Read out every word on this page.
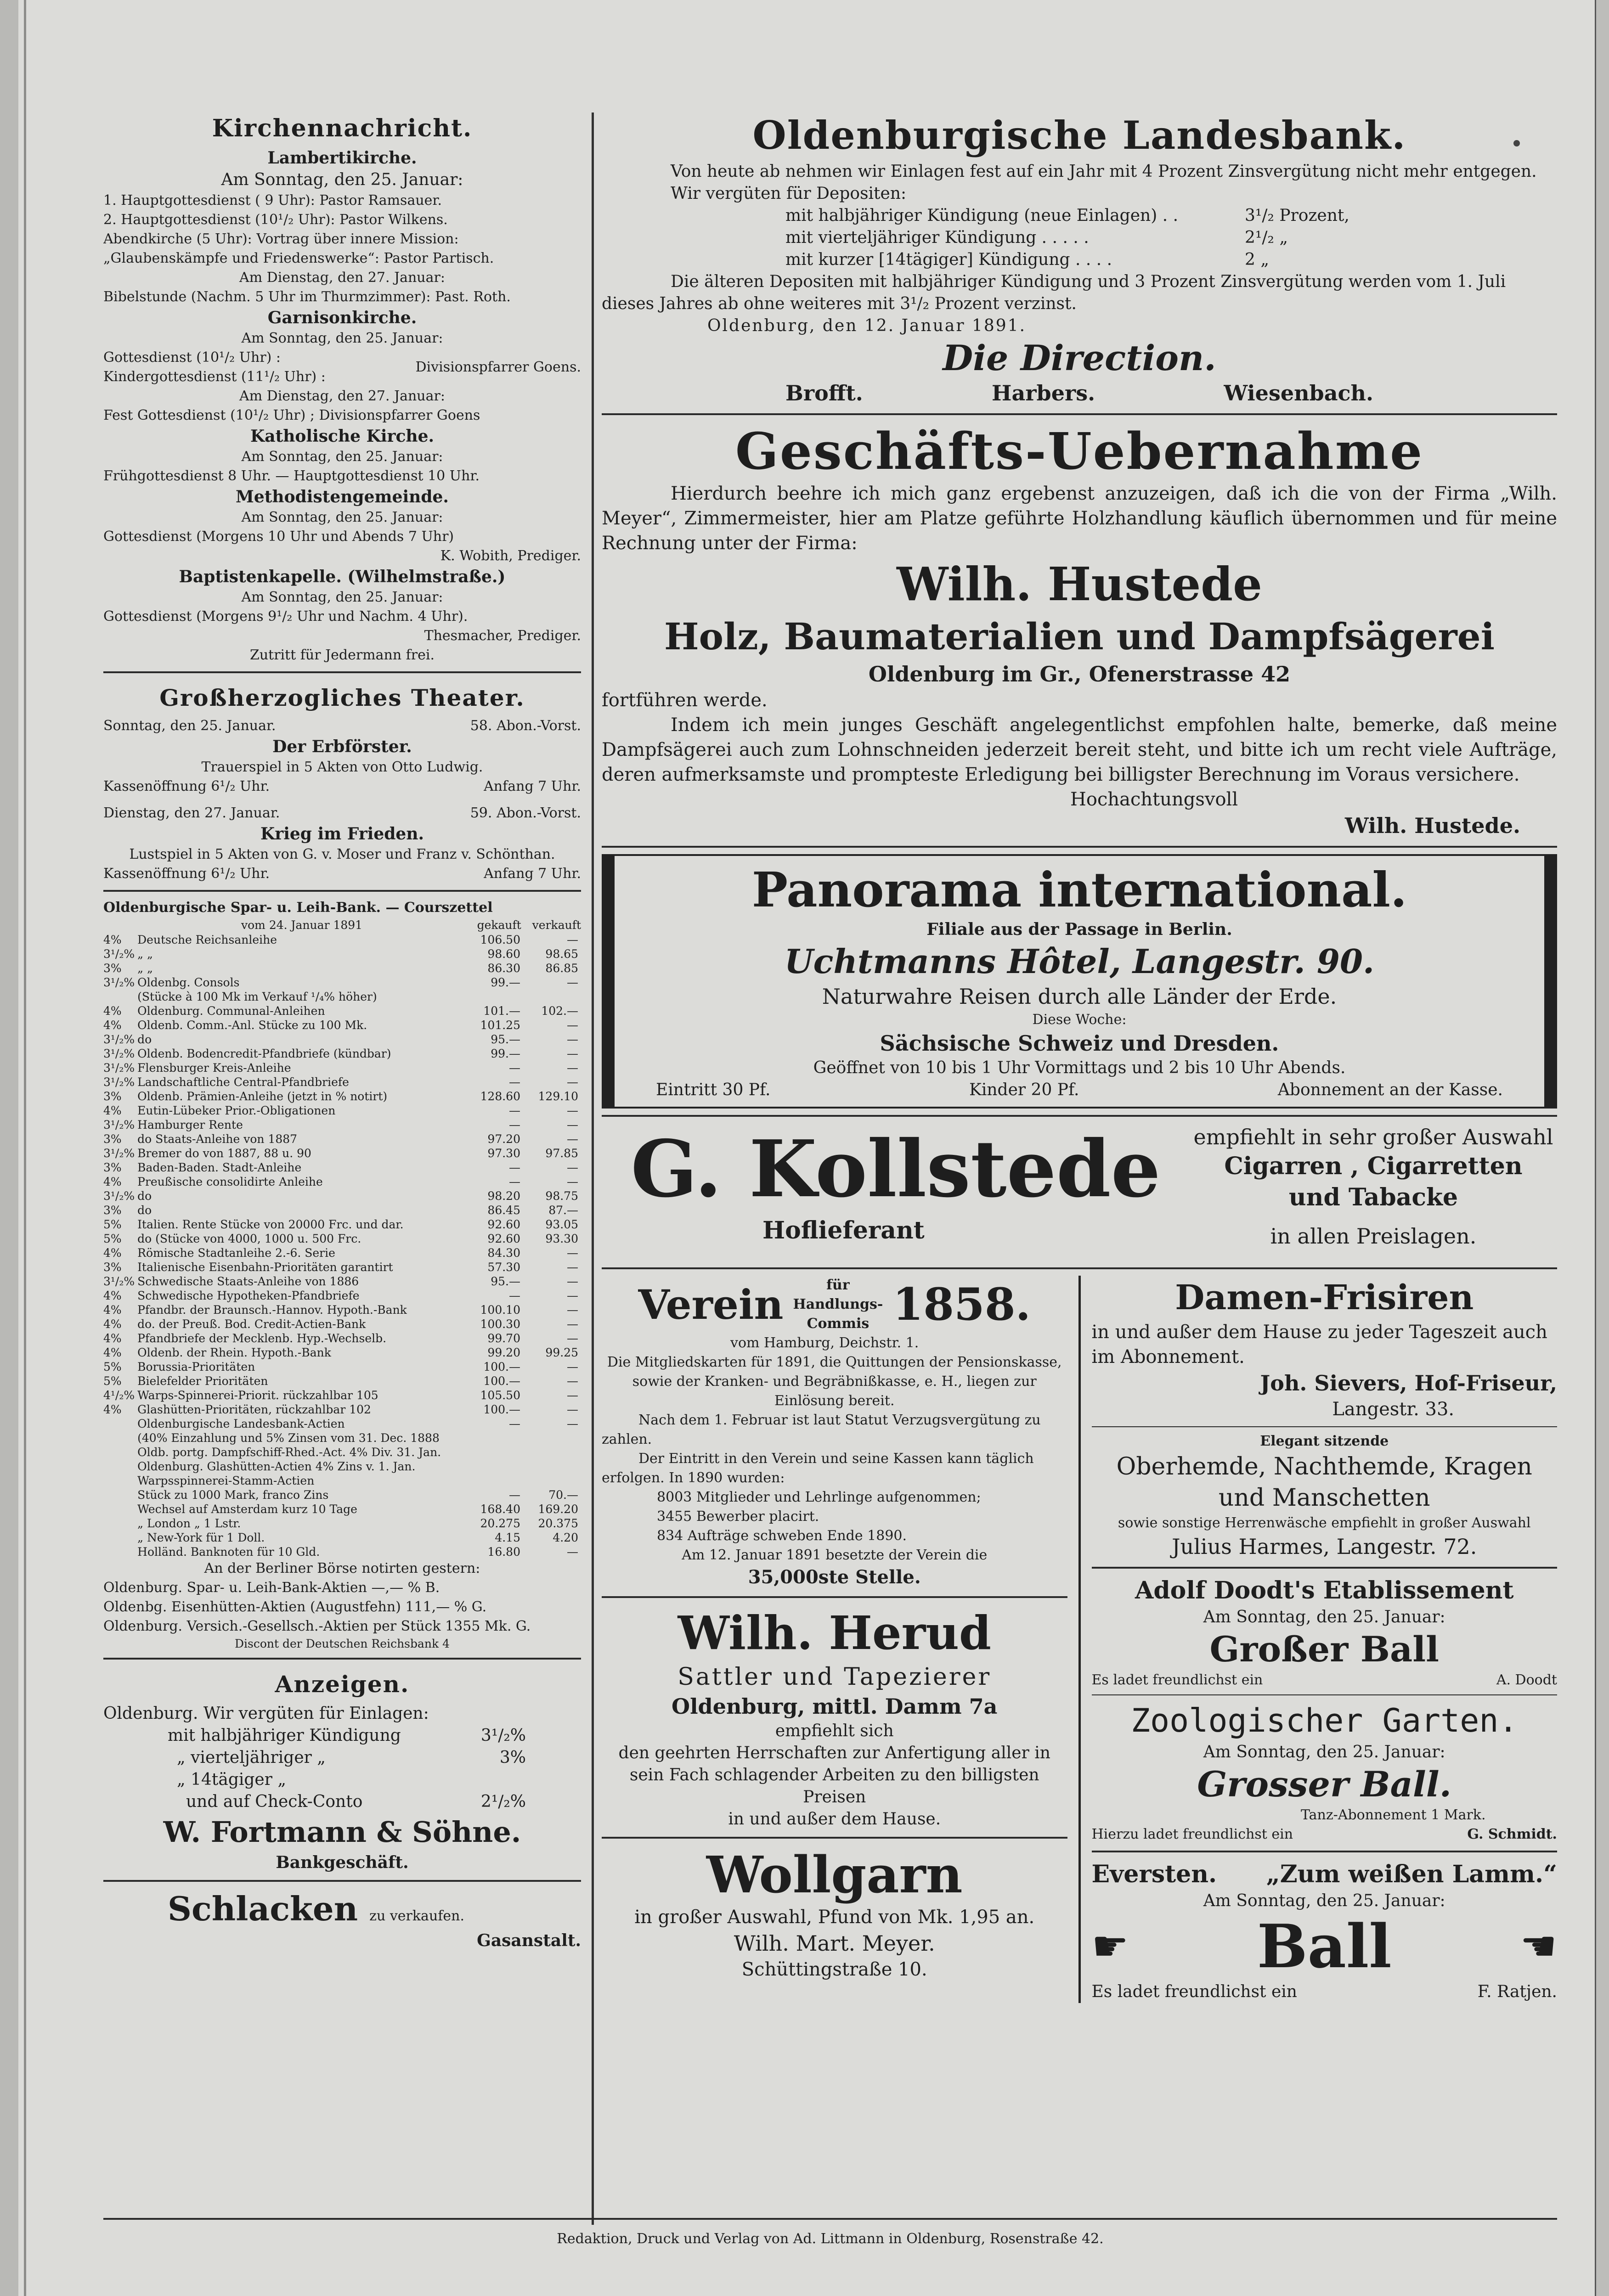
Kirchennachricht.
Lambertikirche.
Am Sonntag, den 25. Januar:
1. Hauptgottesdienst ( 9 Uhr): Pastor Ramsauer.
2. Hauptgottesdienst (10¹/₂ Uhr): Pastor Wilkens.
Abendkirche (5 Uhr): Vortrag über innere Mission: „Glaubenskämpfe und Friedenswerke“: Pastor Partisch.
Am Dienstag, den 27. Januar:
Bibelstunde (Nachm. 5 Uhr im Thurmzimmer): Past. Roth.
Garnisonkirche.
Am Sonntag, den 25. Januar:
Gottesdienst (10¹/₂ Uhr) :
Kindergottesdienst (11¹/₂ Uhr) :
Divisionspfarrer Goens.
Am Dienstag, den 27. Januar:
Fest Gottesdienst (10¹/₂ Uhr) ; Divisionspfarrer Goens
Katholische Kirche.
Am Sonntag, den 25. Januar:
Frühgottesdienst 8 Uhr. — Hauptgottesdienst 10 Uhr.
Methodistengemeinde.
Am Sonntag, den 25. Januar:
Gottesdienst (Morgens 10 Uhr und Abends 7 Uhr)
K. Wobith, Prediger.
Baptistenkapelle. (Wilhelmstraße.)
Am Sonntag, den 25. Januar:
Gottesdienst (Morgens 9¹/₂ Uhr und Nachm. 4 Uhr).
Thesmacher, Prediger.
Zutritt für Jedermann frei.
Großherzogliches Theater.
Sonntag, den 25. Januar.	58. Abon.-Vorst.
Der Erbförster.
Trauerspiel in 5 Akten von Otto Ludwig.
Kassenöffnung 6¹/₂ Uhr.	Anfang 7 Uhr.
Dienstag, den 27. Januar.	59. Abon.-Vorst.
Krieg im Frieden.
Lustspiel in 5 Akten von G. v. Moser und Franz v. Schönthan.
Kassenöffnung 6¹/₂ Uhr.	Anfang 7 Uhr.
Oldenburgische Spar- u. Leih-Bank. — Courszettel
vom 24. Januar 1891	gekauft verkauft
4%	Deutsche Reichsanleihe	106.50	—
3¹/₂%	„ „	98.60	98.65
3%	„ „	86.30	86.85
3¹/₂%	Oldenbg. Consols	99.—	—
	(Stücke à 100 Mk im Verkauf ¹/₄% höher)		
4%	Oldenburg. Communal-Anleihen	101.—	102.—
4%	Oldenb. Comm.-Anl. Stücke zu 100 Mk.	101.25	—
3¹/₂%	do	95.—	—
3¹/₂%	Oldenb. Bodencredit-Pfandbriefe (kündbar)	99.—	—
3¹/₂%	Flensburger Kreis-Anleihe	—	—
3¹/₂%	Landschaftliche Central-Pfandbriefe	—	—
3%	Oldenb. Prämien-Anleihe (jetzt in % notirt)	128.60	129.10
4%	Eutin-Lübeker Prior.-Obligationen	—	—
3¹/₂%	Hamburger Rente	—	—
3%	do Staats-Anleihe von 1887	97.20	—
3¹/₂%	Bremer do von 1887, 88 u. 90	97.30	97.85
3%	Baden-Baden. Stadt-Anleihe	—	—
4%	Preußische consolidirte Anleihe	—	—
3¹/₂%	do	98.20	98.75
3%	do	86.45	87.—
5%	Italien. Rente Stücke von 20000 Frc. und dar.	92.60	93.05
5%	do (Stücke von 4000, 1000 u. 500 Frc.	92.60	93.30
4%	Römische Stadtanleihe 2.-6. Serie	84.30	—
3%	Italienische Eisenbahn-Prioritäten garantirt	57.30	—
3¹/₂%	Schwedische Staats-Anleihe von 1886	95.—	—
4%	Schwedische Hypotheken-Pfandbriefe	—	—
4%	Pfandbr. der Braunsch.-Hannov. Hypoth.-Bank	100.10	—
4%	do. der Preuß. Bod. Credit-Actien-Bank	100.30	—
4%	Pfandbriefe der Mecklenb. Hyp.-Wechselb.	99.70	—
4%	Oldenb. der Rhein. Hypoth.-Bank	99.20	99.25
5%	Borussia-Prioritäten	100.—	—
5%	Bielefelder Prioritäten	100.—	—
4¹/₂%	Warps-Spinnerei-Priorit. rückzahlbar 105	105.50	—
4%	Glashütten-Prioritäten, rückzahlbar 102	100.—	—
	Oldenburgische Landesbank-Actien	—	—
	(40% Einzahlung und 5% Zinsen vom 31. Dec. 1888		
	Oldb. portg. Dampfschiff-Rhed.-Act. 4% Div. 31. Jan.		
	Oldenburg. Glashütten-Actien 4% Zins v. 1. Jan.		
	Warpsspinnerei-Stamm-Actien		
	Stück zu 1000 Mark, franco Zins	—	70.—
	Wechsel auf Amsterdam kurz 10 Tage	168.40	169.20
	„ London „ 1 Lstr.	20.275	20.375
	„ New-York für 1 Doll.	4.15	4.20
	Holländ. Banknoten für 10 Gld.	16.80	—
An der Berliner Börse notirten gestern:
Oldenburg. Spar- u. Leih-Bank-Aktien —,— % B.
Oldenbg. Eisenhütten-Aktien (Augustfehn) 111,— % G.
Oldenburg. Versich.-Gesellsch.-Aktien per Stück 1355 Mk. G.
Discont der Deutschen Reichsbank 4
Anzeigen.
Oldenburg. Wir vergüten für Einlagen:
mit halbjähriger Kündigung	3¹/₂%
„ vierteljähriger „	3%
„ 14tägiger „
und auf Check-Conto	2¹/₂%
W. Fortmann & Söhne.
Bankgeschäft.
Schlacken zu verkaufen.
Gasanstalt.
Oldenburgische Landesbank.
Von heute ab nehmen wir Einlagen fest auf ein Jahr mit 4 Prozent Zinsvergütung nicht mehr entgegen.
Wir vergüten für Depositen:
mit halbjähriger Kündigung (neue Einlagen) . .	3¹/₂ Prozent,
mit vierteljähriger Kündigung . . . . .	2¹/₂ „
mit kurzer [14tägiger] Kündigung . . . .	2 „
Die älteren Depositen mit halbjähriger Kündigung und 3 Prozent Zinsvergütung werden vom 1. Juli dieses Jahres ab ohne weiteres mit 3¹/₂ Prozent verzinst.
Oldenburg, den 12. Januar 1891.
Die Direction.
Brofft.	Harbers.	Wiesenbach.
Geschäfts-Uebernahme
Hierdurch beehre ich mich ganz ergebenst anzuzeigen, daß ich die von der Firma „Wilh. Meyer“, Zimmermeister, hier am Platze geführte Holzhandlung käuflich übernommen und für meine Rechnung unter der Firma:
Wilh. Hustede
Holz, Baumaterialien und Dampfsägerei
Oldenburg im Gr., Ofenerstrasse 42
fortführen werde.
Indem ich mein junges Geschäft angelegentlichst empfohlen halte, bemerke, daß meine Dampfsägerei auch zum Lohnschneiden jederzeit bereit steht, und bitte ich um recht viele Aufträge, deren aufmerksamste und prompteste Erledigung bei billigster Berechnung im Voraus versichere.
Hochachtungsvoll
Wilh. Hustede.
Panorama international.
Filiale aus der Passage in Berlin.
Uchtmanns Hôtel, Langestr. 90.
Naturwahre Reisen durch alle Länder der Erde.
Diese Woche:
Sächsische Schweiz und Dresden.
Geöffnet von 10 bis 1 Uhr Vormittags und 2 bis 10 Uhr Abends.
Eintritt 30 Pf.	Kinder 20 Pf.	Abonnement an der Kasse.
G. Kollstede
Hoflieferant
empfiehlt in sehr großer Auswahl
Cigarren , Cigarretten
und Tabacke
in allen Preislagen.
Verein	für Handlungs-Commis 1858.
vom Hamburg, Deichstr. 1.
Die Mitgliedskarten für 1891, die Quittungen der Pensionskasse, sowie der Kranken- und Begräbnißkasse, e. H., liegen zur Einlösung bereit.
Nach dem 1. Februar ist laut Statut Verzugsvergütung zu zahlen.
Der Eintritt in den Verein und seine Kassen kann täglich erfolgen. In 1890 wurden:
8003 Mitglieder und Lehrlinge aufgenommen;
3455 Bewerber placirt.
834 Aufträge schweben Ende 1890.
Am 12. Januar 1891 besetzte der Verein die
35,000ste Stelle.
Wilh. Herud
Sattler und Tapezierer
Oldenburg, mittl. Damm 7a
empfiehlt sich
den geehrten Herrschaften zur Anfertigung aller in sein Fach schlagender Arbeiten zu den billigsten Preisen
in und außer dem Hause.
Wollgarn
in großer Auswahl, Pfund von Mk. 1,95 an.
Wilh. Mart. Meyer.
Schüttingstraße 10.
Damen-Frisiren
in und außer dem Hause zu jeder Tageszeit auch im Abonnement.
Joh. Sievers, Hof-Friseur,
Langestr. 33.
Elegant sitzende
Oberhemde, Nachthemde, Kragen
und Manschetten
sowie sonstige Herrenwäsche empfiehlt in großer Auswahl
Julius Harmes, Langestr. 72.
Adolf Doodt's Etablissement
Am Sonntag, den 25. Januar:
Großer Ball
Es ladet freundlichst ein	A. Doodt
Zoologischer Garten.
Am Sonntag, den 25. Januar:
Grosser Ball.
Tanz-Abonnement 1 Mark.
Hierzu ladet freundlichst ein	G. Schmidt.
Eversten. „Zum weißen Lamm.“
Am Sonntag, den 25. Januar:
☛ Ball	☚
Es ladet freundlichst ein	F. Ratjen.
Redaktion, Druck und Verlag von Ad. Littmann in Oldenburg, Rosenstraße 42.
